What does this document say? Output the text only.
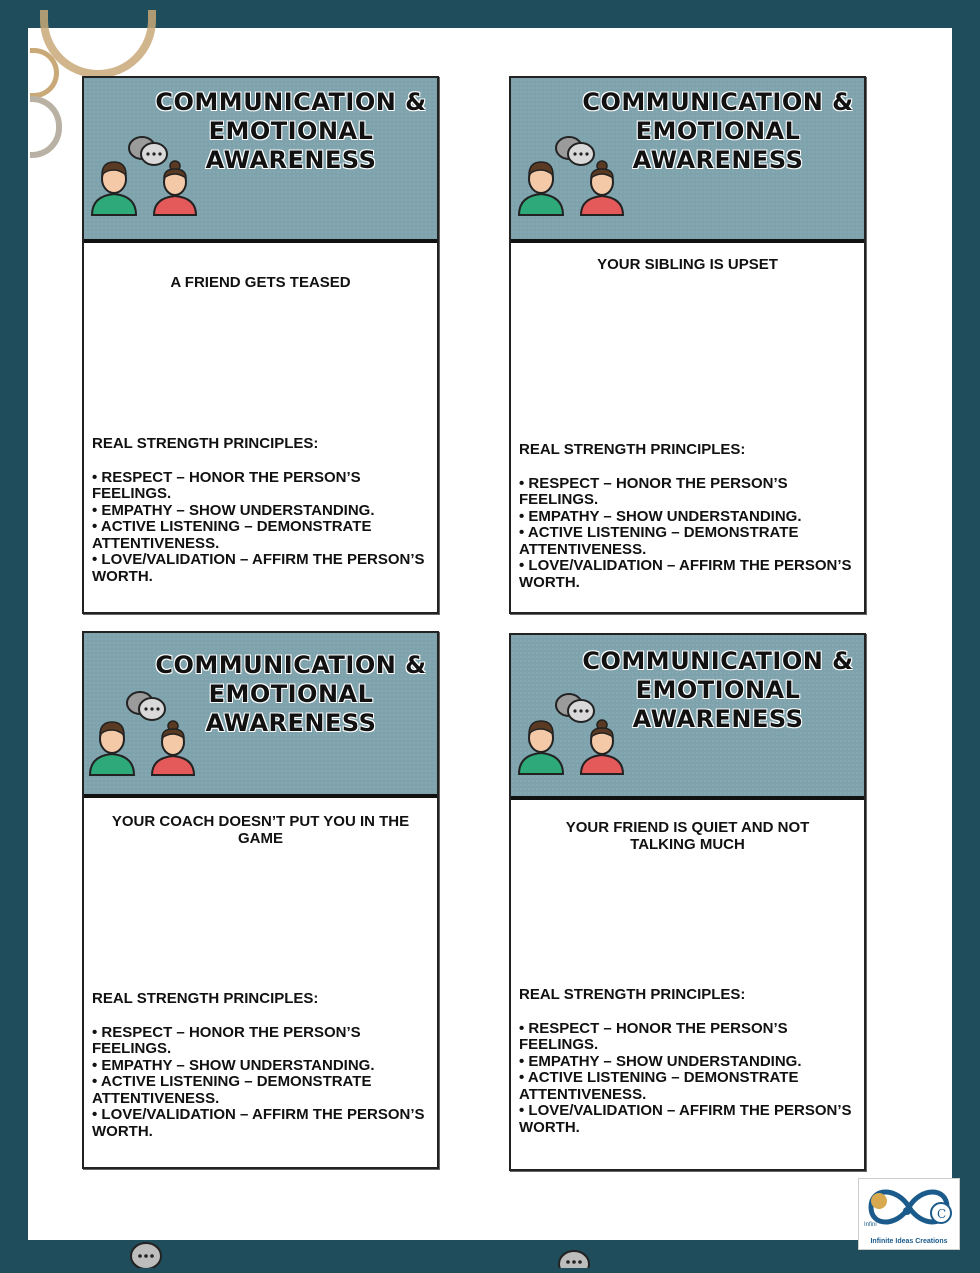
COMMUNICATION & EMOTIONAL AWARENESS
A FRIEND GETS TEASED
REAL STRENGTH PRINCIPLES:
• RESPECT – HONOR THE PERSON’S FEELINGS.
• EMPATHY – SHOW UNDERSTANDING.
• ACTIVE LISTENING – DEMONSTRATE ATTENTIVENESS.
• LOVE/VALIDATION – AFFIRM THE PERSON’S WORTH.
COMMUNICATION & EMOTIONAL AWARENESS
YOUR SIBLING IS UPSET
REAL STRENGTH PRINCIPLES:
• RESPECT – HONOR THE PERSON’S FEELINGS.
• EMPATHY – SHOW UNDERSTANDING.
• ACTIVE LISTENING – DEMONSTRATE ATTENTIVENESS.
• LOVE/VALIDATION – AFFIRM THE PERSON’S WORTH.
COMMUNICATION & EMOTIONAL AWARENESS
YOUR COACH DOESN’T PUT YOU IN THE GAME
REAL STRENGTH PRINCIPLES:
• RESPECT – HONOR THE PERSON’S FEELINGS.
• EMPATHY – SHOW UNDERSTANDING.
• ACTIVE LISTENING – DEMONSTRATE ATTENTIVENESS.
• LOVE/VALIDATION – AFFIRM THE PERSON’S WORTH.
COMMUNICATION & EMOTIONAL AWARENESS
YOUR FRIEND IS QUIET AND NOT TALKING MUCH
REAL STRENGTH PRINCIPLES:
• RESPECT – HONOR THE PERSON’S FEELINGS.
• EMPATHY – SHOW UNDERSTANDING.
• ACTIVE LISTENING – DEMONSTRATE ATTENTIVENESS.
• LOVE/VALIDATION – AFFIRM THE PERSON’S WORTH.
C
Infinite Ideas Creations
Infini
